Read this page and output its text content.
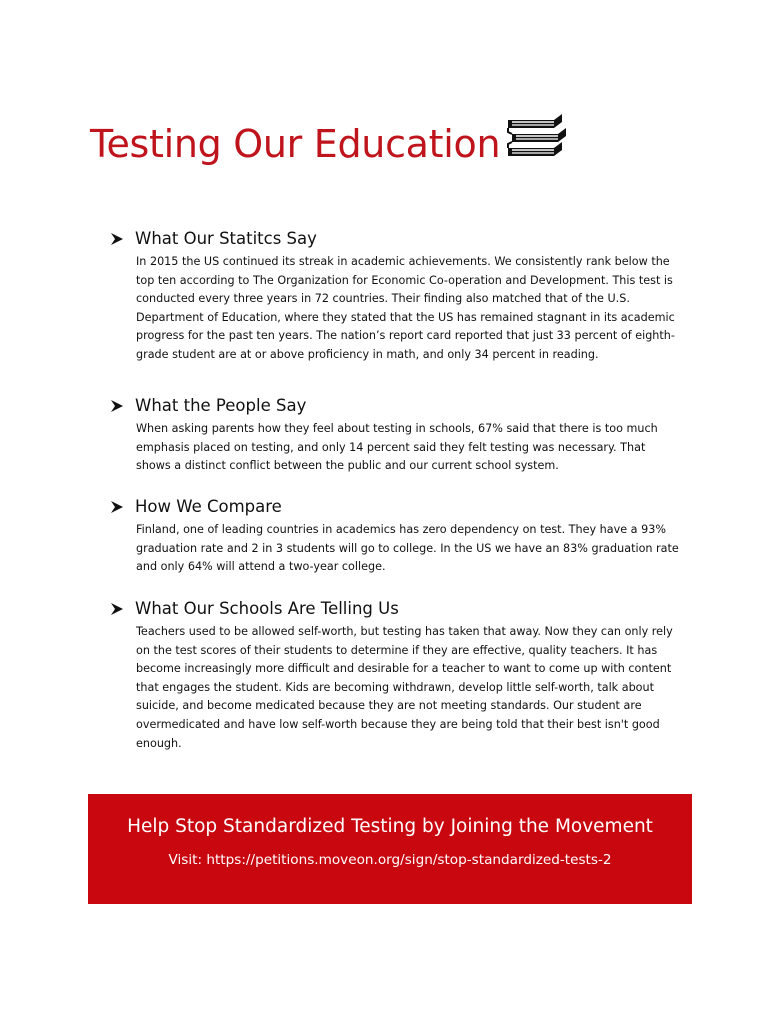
Testing Our Education
What Our Statitcs Say
In 2015 the US continued its streak in academic achievements. We consistently rank below the top ten according to The Organization for Economic Co-operation and Development. This test is conducted every three years in 72 countries. Their finding also matched that of the U.S. Department of Education, where they stated that the US has remained stagnant in its academic progress for the past ten years. The nation’s report card reported that just 33 percent of eighth-grade student are at or above proficiency in math, and only 34 percent in reading.
What the People Say
When asking parents how they feel about testing in schools, 67% said that there is too much emphasis placed on testing, and only 14 percent said they felt testing was necessary. That shows a distinct conflict between the public and our current school system.
How We Compare
Finland, one of leading countries in academics has zero dependency on test. They have a 93% graduation rate and 2 in 3 students will go to college. In the US we have an 83% graduation rate and only 64% will attend a two-year college.
What Our Schools Are Telling Us
Teachers used to be allowed self-worth, but testing has taken that away. Now they can only rely on the test scores of their students to determine if they are effective, quality teachers. It has become increasingly more difficult and desirable for a teacher to want to come up with content that engages the student. Kids are becoming withdrawn, develop little self-worth, talk about suicide, and become medicated because they are not meeting standards. Our student are overmedicated and have low self-worth because they are being told that their best isn't good enough.
Help Stop Standardized Testing by Joining the Movement
Visit: https://petitions.moveon.org/sign/stop-standardized-tests-2
